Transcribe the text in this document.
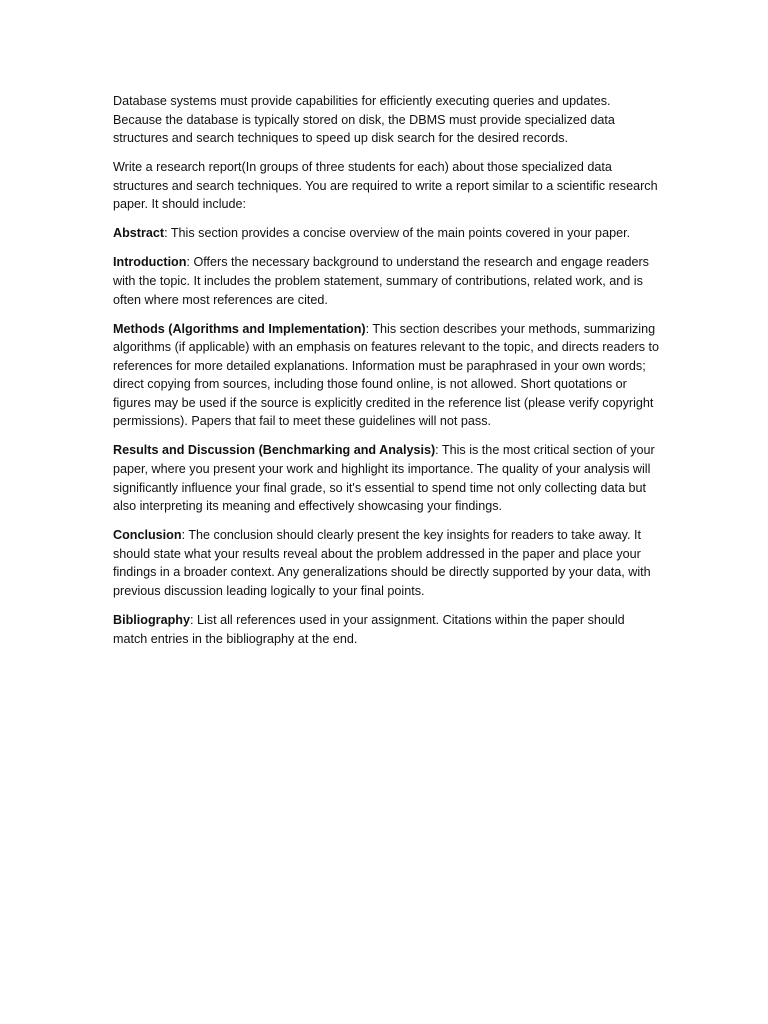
Database systems must provide capabilities for efficiently executing queries and updates. Because the database is typically stored on disk, the DBMS must provide specialized data structures and search techniques to speed up disk search for the desired records.

Write a research report(In groups of three students for each) about those specialized data structures and search techniques. You are required to write a report similar to a scientific research paper. It should include:

Abstract: This section provides a concise overview of the main points covered in your paper.

Introduction: Offers the necessary background to understand the research and engage readers with the topic. It includes the problem statement, summary of contributions, related work, and is often where most references are cited.

Methods (Algorithms and Implementation): This section describes your methods, summarizing algorithms (if applicable) with an emphasis on features relevant to the topic, and directs readers to references for more detailed explanations. Information must be paraphrased in your own words; direct copying from sources, including those found online, is not allowed. Short quotations or figures may be used if the source is explicitly credited in the reference list (please verify copyright permissions). Papers that fail to meet these guidelines will not pass.

Results and Discussion (Benchmarking and Analysis): This is the most critical section of your paper, where you present your work and highlight its importance. The quality of your analysis will significantly influence your final grade, so it's essential to spend time not only collecting data but also interpreting its meaning and effectively showcasing your findings.

Conclusion: The conclusion should clearly present the key insights for readers to take away. It should state what your results reveal about the problem addressed in the paper and place your findings in a broader context. Any generalizations should be directly supported by your data, with previous discussion leading logically to your final points.

Bibliography: List all references used in your assignment. Citations within the paper should match entries in the bibliography at the end.
